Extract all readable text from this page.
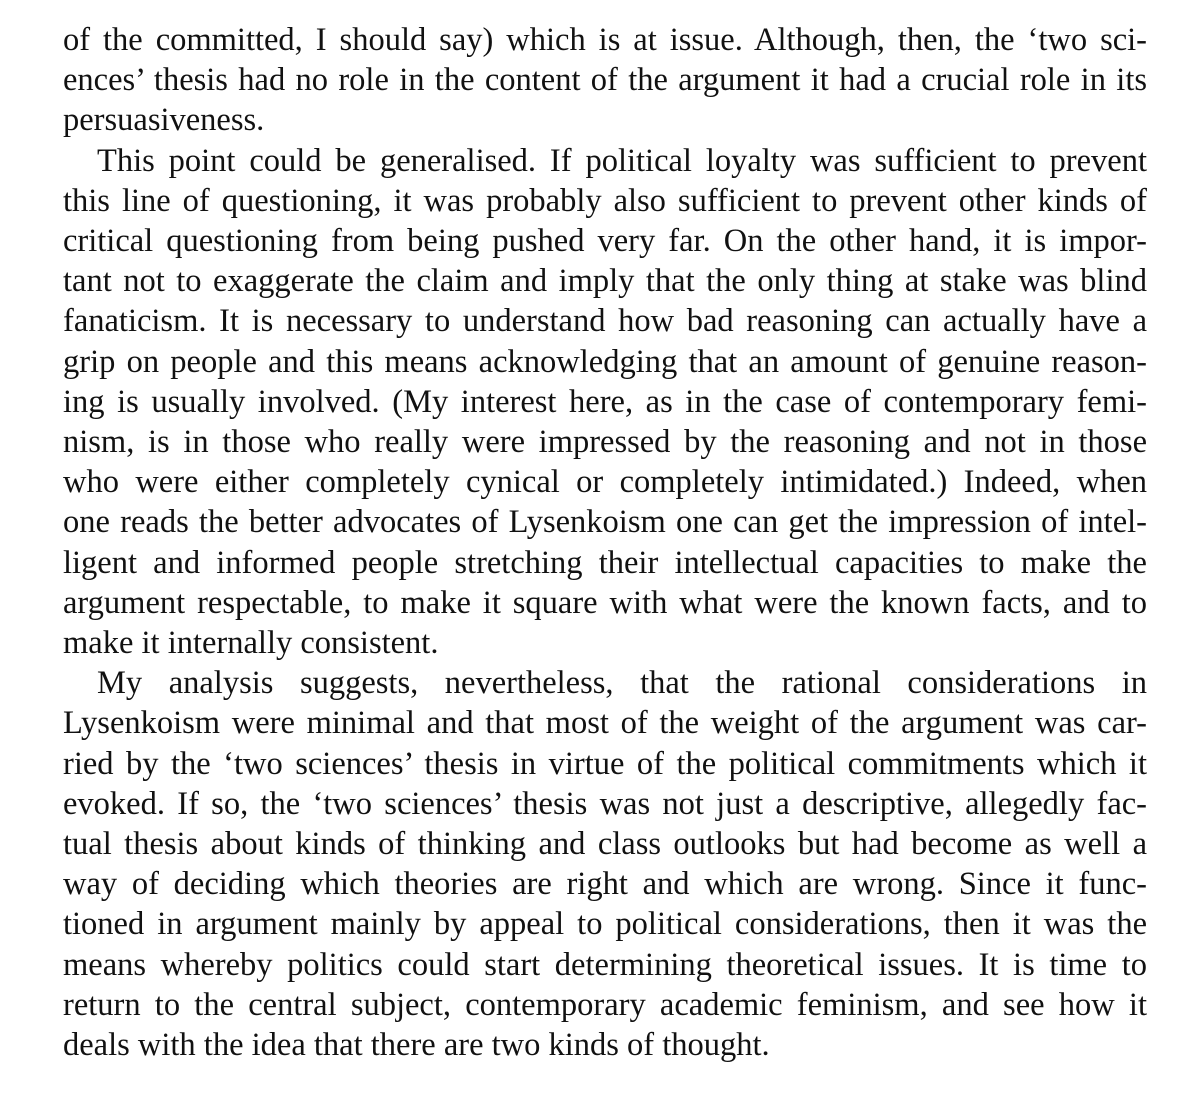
of the committed, I should say) which is at issue. Although, then, the ‘two sci-
ences’ thesis had no role in the content of the argument it had a crucial role in its
persuasiveness.
This point could be generalised. If political loyalty was sufficient to prevent
this line of questioning, it was probably also sufficient to prevent other kinds of
critical questioning from being pushed very far. On the other hand, it is impor-
tant not to exaggerate the claim and imply that the only thing at stake was blind
fanaticism. It is necessary to understand how bad reasoning can actually have a
grip on people and this means acknowledging that an amount of genuine reason-
ing is usually involved. (My interest here, as in the case of contemporary femi-
nism, is in those who really were impressed by the reasoning and not in those
who were either completely cynical or completely intimidated.) Indeed, when
one reads the better advocates of Lysenkoism one can get the impression of intel-
ligent and informed people stretching their intellectual capacities to make the
argument respectable, to make it square with what were the known facts, and to
make it internally consistent.
My analysis suggests, nevertheless, that the rational considerations in
Lysenkoism were minimal and that most of the weight of the argument was car-
ried by the ‘two sciences’ thesis in virtue of the political commitments which it
evoked. If so, the ‘two sciences’ thesis was not just a descriptive, allegedly fac-
tual thesis about kinds of thinking and class outlooks but had become as well a
way of deciding which theories are right and which are wrong. Since it func-
tioned in argument mainly by appeal to political considerations, then it was the
means whereby politics could start determining theoretical issues. It is time to
return to the central subject, contemporary academic feminism, and see how it
deals with the idea that there are two kinds of thought.
